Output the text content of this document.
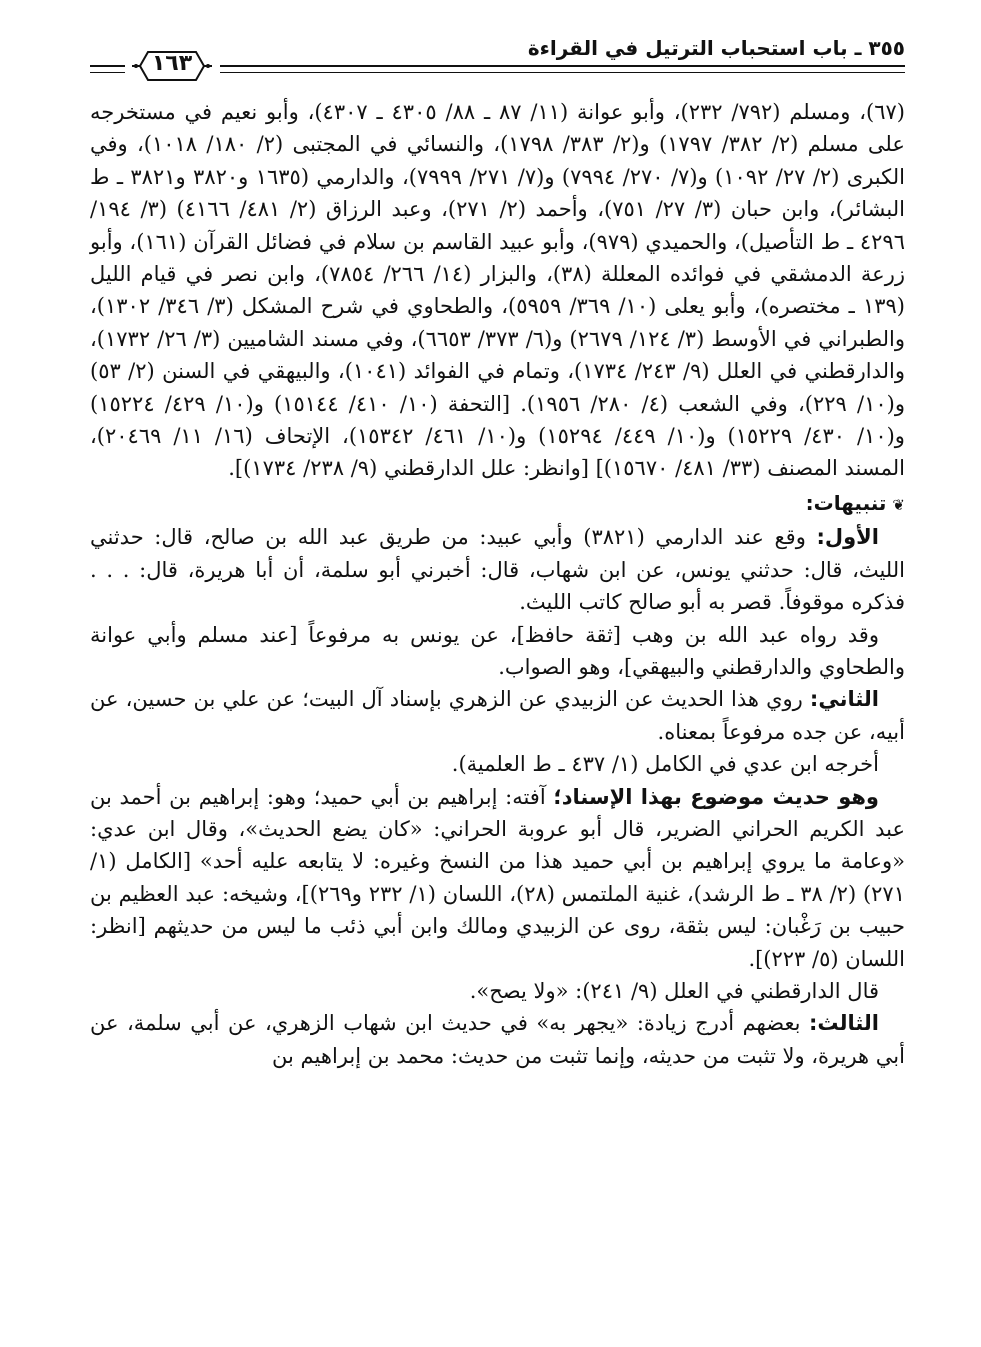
٣٥٥ ـ باب استحباب الترتيل في القراءة
١٦٣

(٦٧)، ومسلم (٧٩٢/ ٢٣٢)، وأبو عوانة (١١/ ٨٧ ـ ٨٨/ ٤٣٠٥ ـ ٤٣٠٧)، وأبو نعيم في مستخرجه على مسلم (٢/ ٣٨٢/ ١٧٩٧) و(٢/ ٣٨٣/ ١٧٩٨)، والنسائي في المجتبى (٢/ ١٨٠/ ١٠١٨)، وفي الكبرى (٢/ ٢٧/ ١٠٩٢) و(٧/ ٢٧٠/ ٧٩٩٤) و(٧/ ٢٧١/ ٧٩٩٩)، والدارمي (١٦٣٥ و٣٨٢٠ و٣٨٢١ ـ ط البشائر)، وابن حبان (٣/ ٢٧/ ٧٥١)، وأحمد (٢/ ٢٧١)، وعبد الرزاق (٢/ ٤٨١/ ٤١٦٦) (٣/ ١٩٤/ ٤٢٩٦ ـ ط التأصيل)، والحميدي (٩٧٩)، وأبو عبيد القاسم بن سلام في فضائل القرآن (١٦١)، وأبو زرعة الدمشقي في فوائده المعللة (٣٨)، والبزار (١٤/ ٢٦٦/ ٧٨٥٤)، وابن نصر في قيام الليل (١٣٩ ـ مختصره)، وأبو يعلى (١٠/ ٣٦٩/ ٥٩٥٩)، والطحاوي في شرح المشكل (٣/ ٣٤٦/ ١٣٠٢)، والطبراني في الأوسط (٣/ ١٢٤/ ٢٦٧٩) و(٦/ ٣٧٣/ ٦٦٥٣)، وفي مسند الشاميين (٣/ ٢٦/ ١٧٣٢)، والدارقطني في العلل (٩/ ٢٤٣/ ١٧٣٤)، وتمام في الفوائد (١٠٤١)، والبيهقي في السنن (٢/ ٥٣) و(١٠/ ٢٢٩)، وفي الشعب (٤/ ٢٨٠/ ١٩٥٦). [التحفة (١٠/ ٤١٠/ ١٥١٤٤) و(١٠/ ٤٢٩/ ١٥٢٢٤) و(١٠/ ٤٣٠/ ١٥٢٢٩) و(١٠/ ٤٤٩/ ١٥٢٩٤) و(١٠/ ٤٦١/ ١٥٣٤٢)، الإتحاف (١٦/ ١١/ ٢٠٤٦٩)، المسند المصنف (٣٣/ ٤٨١/ ١٥٦٧٠)] [وانظر: علل الدارقطني (٩/ ٢٣٨/ ١٧٣٤)].

❦تنبيهات:

الأول: وقع عند الدارمي (٣٨٢١) وأبي عبيد: من طريق عبد الله بن صالح، قال: حدثني الليث، قال: حدثني يونس، عن ابن شهاب، قال: أخبرني أبو سلمة، أن أبا هريرة، قال: . . . فذكره موقوفاً. قصر به أبو صالح كاتب الليث.

وقد رواه عبد الله بن وهب [ثقة حافظ]، عن يونس به مرفوعاً [عند مسلم وأبي عوانة والطحاوي والدارقطني والبيهقي]، وهو الصواب.

الثاني: روي هذا الحديث عن الزبيدي عن الزهري بإسناد آل البيت؛ عن علي بن حسين، عن أبيه، عن جده مرفوعاً بمعناه.

أخرجه ابن عدي في الكامل (١/ ٤٣٧ ـ ط العلمية).

وهو حديث موضوع بهذا الإسناد؛ آفته: إبراهيم بن أبي حميد؛ وهو: إبراهيم بن أحمد بن عبد الكريم الحراني الضرير، قال أبو عروبة الحراني: «كان يضع الحديث»، وقال ابن عدي: «وعامة ما يروي إبراهيم بن أبي حميد هذا من النسخ وغيره: لا يتابعه عليه أحد» [الكامل (١/ ٢٧١) (٢/ ٣٨ ـ ط الرشد)، غنية الملتمس (٢٨)، اللسان (١/ ٢٣٢ و٢٦٩)]، وشيخه: عبد العظيم بن حبيب بن رَغْبان: ليس بثقة، روى عن الزبيدي ومالك وابن أبي ذئب ما ليس من حديثهم [انظر: اللسان (٥/ ٢٢٣)].

قال الدارقطني في العلل (٩/ ٢٤١): «ولا يصح».

الثالث: بعضهم أدرج زيادة: «يجهر به» في حديث ابن شهاب الزهري، عن أبي سلمة، عن أبي هريرة، ولا تثبت من حديثه، وإنما تثبت من حديث: محمد بن إبراهيم بن
